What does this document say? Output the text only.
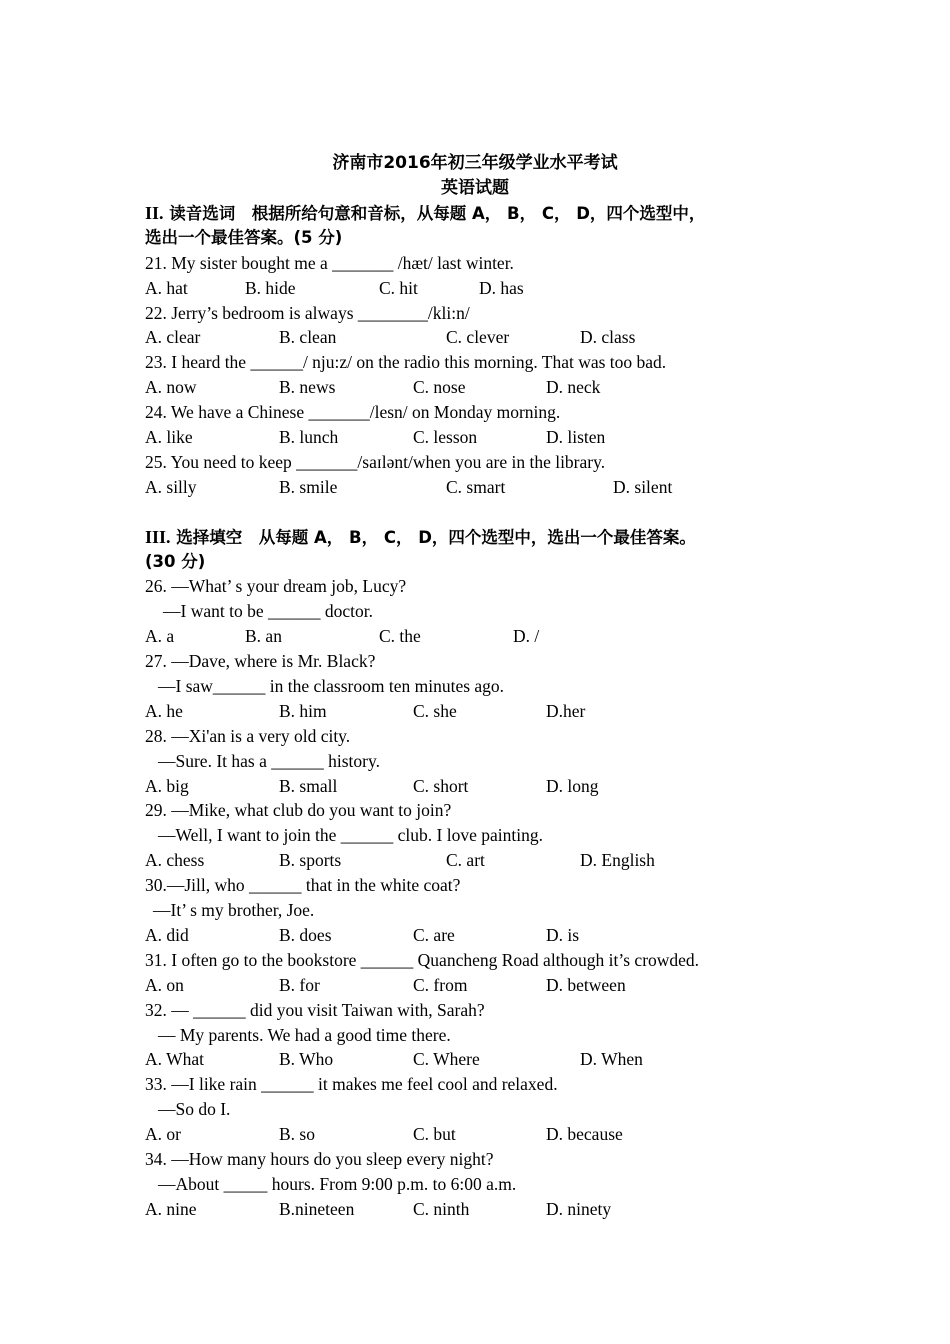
济南市2016年初三年级学业水平考试
英语试题
II. 读音选词　根据所给句意和音标，从每题 A， B， C， D，四个选型中，
选出一个最佳答案。(5 分)
21. My sister bought me a _______ /hæt/ last winter.
A. hat	B. hide	C. hit	D. has
22. Jerry’s bedroom is always ________/kli:n/
A. clear	B. clean	C. clever	D. class
23. I heard the ______/ nju:z/ on the radio this morning. That was too bad.
A. now	B. news	C. nose	D. neck
24. We have a Chinese _______/lesn/ on Monday morning.
A. like	B. lunch	C. lesson	D. listen
25. You need to keep _______/saɪlənt/when you are in the library.
A. silly	B. smile	C. smart	D. silent
III. 选择填空　从每题 A， B， C， D，四个选型中，选出一个最佳答案。
(30 分)
26. —What’ s your dream job, Lucy?
—I want to be ______ doctor.
A. a	B. an	C. the	D. /
27. —Dave, where is Mr. Black?
—I saw______ in the classroom ten minutes ago.
A. he	B. him	C. she	D.her
28. —Xi'an is a very old city.
—Sure. It has a ______ history.
A. big	B. small	C. short	D. long
29. —Mike, what club do you want to join?
—Well, I want to join the ______ club. I love painting.
A. chess	B. sports	C. art	D. English
30.—Jill, who ______ that in the white coat?
—It’ s my brother, Joe.
A. did	B. does	C. are	D. is
31. I often go to the bookstore ______ Quancheng Road although it’s crowded.
A. on	B. for	C. from	D. between
32. — ______ did you visit Taiwan with, Sarah?
— My parents. We had a good time there.
A. What	B. Who	C. Where	D. When
33. —I like rain ______ it makes me feel cool and relaxed.
—So do I.
A. or	B. so	C. but	D. because
34. —How many hours do you sleep every night?
—About _____ hours. From 9:00 p.m. to 6:00 a.m.
A. nine	B.nineteen	C. ninth	D. ninety
